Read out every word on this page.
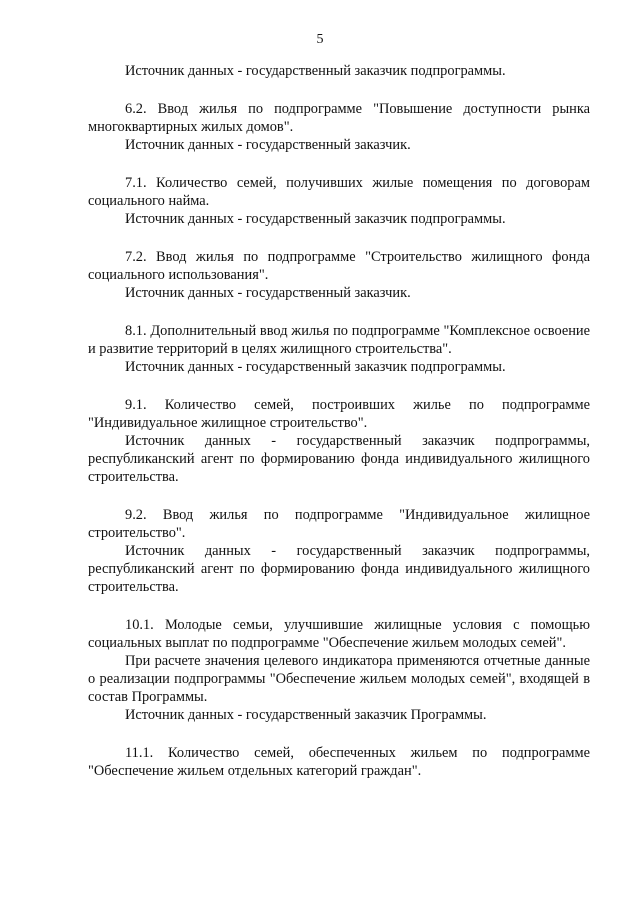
5

Источник данных - государственный заказчик подпрограммы.

6.2. Ввод жилья по подпрограмме "Повышение доступности рынка многоквартирных жилых домов".

Источник данных - государственный заказчик.

7.1. Количество семей, получивших жилые помещения по договорам социального найма.

Источник данных - государственный заказчик подпрограммы.

7.2. Ввод жилья по подпрограмме "Строительство жилищного фонда социального использования".

Источник данных - государственный заказчик.

8.1. Дополнительный ввод жилья по подпрограмме "Комплексное освоение и развитие территорий в целях жилищного строительства".

Источник данных - государственный заказчик подпрограммы.

9.1. Количество семей, построивших жилье по подпрограмме "Индивидуальное жилищное строительство".

Источник данных - государственный заказчик подпрограммы, республиканский агент по формированию фонда индивидуального жилищного строительства.

9.2. Ввод жилья по подпрограмме "Индивидуальное жилищное строительство".

Источник данных - государственный заказчик подпрограммы, республиканский агент по формированию фонда индивидуального жилищного строительства.

10.1. Молодые семьи, улучшившие жилищные условия с помощью социальных выплат по подпрограмме "Обеспечение жильем молодых семей".

При расчете значения целевого индикатора применяются отчетные данные о реализации подпрограммы "Обеспечение жильем молодых семей", входящей в состав Программы.

Источник данных - государственный заказчик Программы.

11.1. Количество семей, обеспеченных жильем по подпрограмме "Обеспечение жильем отдельных категорий граждан".
